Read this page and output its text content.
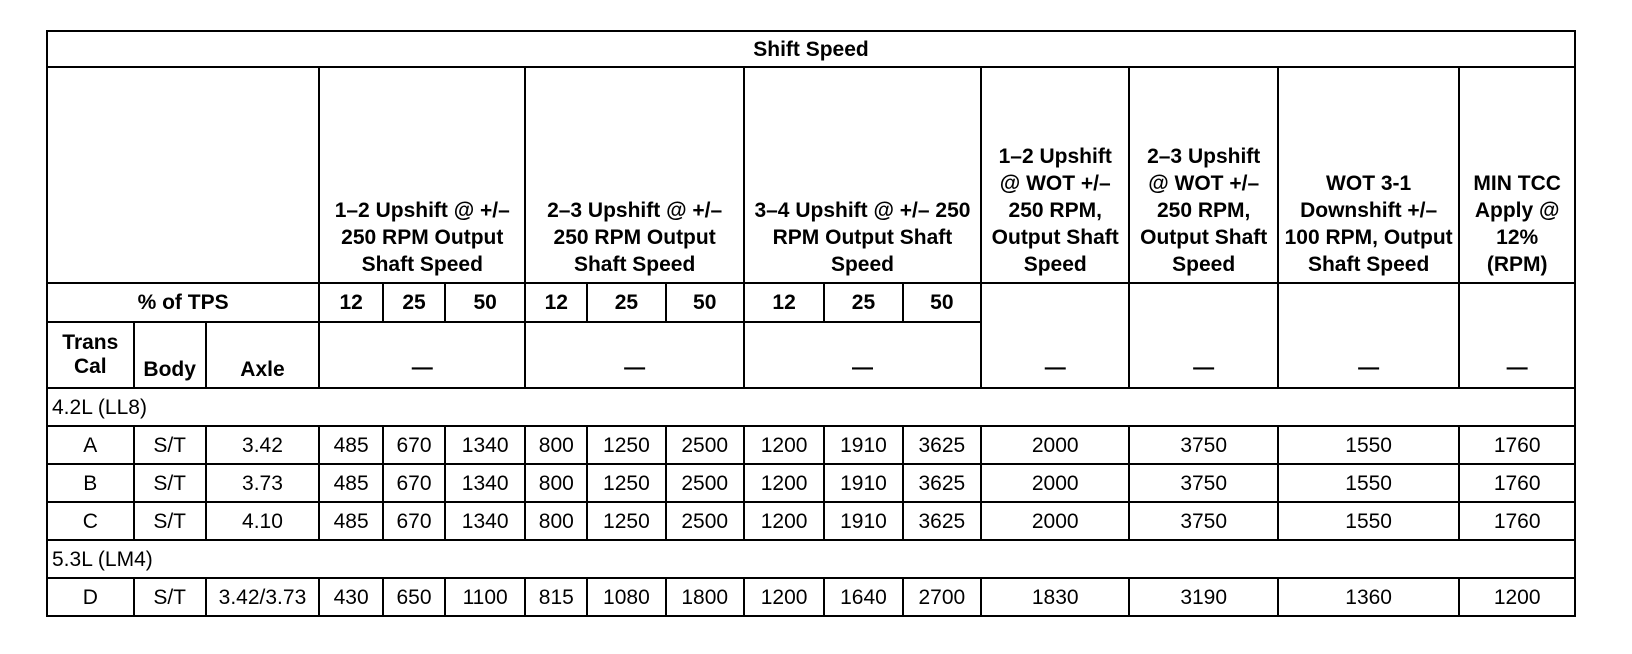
Shift Speed															
			1–2 Upshift @ +/– 250 RPM Output Shaft Speed			2–3 Upshift @ +/–250 RPM Output Shaft Speed			3–4 Upshift @ +/– 250 RPM Output Shaft Speed			1–2 Upshift @ WOT +/– 250 RPM, Output Shaft Speed	2–3 Upshift @ WOT +/– 250 RPM, Output Shaft Speed	WOT 3-1 Downshift +/– 100 RPM, Output Shaft Speed	MIN TCC Apply @ 12% (RPM)
% of TPS			12	25	50	12	25	50	12	25	50	—	—	—	—
Trans Cal	Body	Axle	—			—			—						
4.2L (LL8)															
A	S/T	3.42	485	670	1340	800	1250	2500	1200	1910	3625	2000	3750	1550	1760
B	S/T	3.73	485	670	1340	800	1250	2500	1200	1910	3625	2000	3750	1550	1760
C	S/T	4.10	485	670	1340	800	1250	2500	1200	1910	3625	2000	3750	1550	1760
5.3L (LM4)															
D	S/T	3.42/3.73	430	650	1100	815	1080	1800	1200	1640	2700	1830	3190	1360	1200
